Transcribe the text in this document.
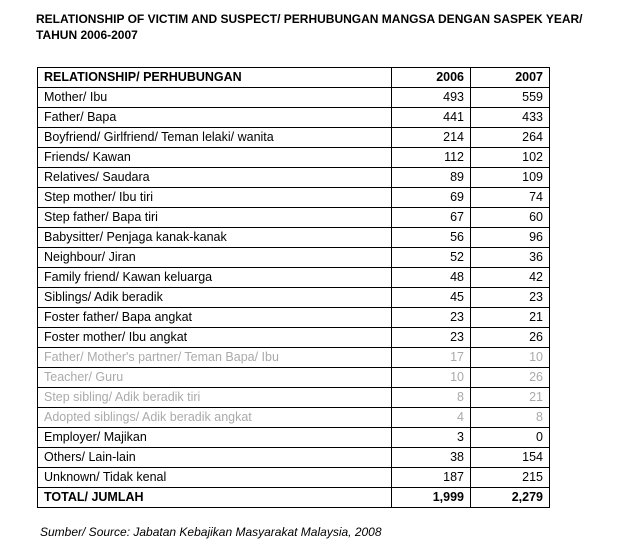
RELATIONSHIP OF VICTIM AND SUSPECT/ PERHUBUNGAN MANGSA DENGAN SASPEK YEAR/ TAHUN 2006-2007
RELATIONSHIP/ PERHUBUNGAN	2006	2007
Mother/ Ibu	493	559
Father/ Bapa	441	433
Boyfriend/ Girlfriend/ Teman lelaki/ wanita	214	264
Friends/ Kawan	112	102
Relatives/ Saudara	89	109
Step mother/ Ibu tiri	69	74
Step father/ Bapa tiri	67	60
Babysitter/ Penjaga kanak-kanak	56	96
Neighbour/ Jiran	52	36
Family friend/ Kawan keluarga	48	42
Siblings/ Adik beradik	45	23
Foster father/ Bapa angkat	23	21
Foster mother/ Ibu angkat	23	26
Father/ Mother's partner/ Teman Bapa/ Ibu	17	10
Teacher/ Guru	10	26
Step sibling/ Adik beradik tiri	8	21
Adopted siblings/ Adik beradik angkat	4	8
Employer/ Majikan	3	0
Others/ Lain-lain	38	154
Unknown/ Tidak kenal	187	215
TOTAL/ JUMLAH	1,999	2,279

Sumber/ Source: Jabatan Kebajikan Masyarakat Malaysia, 2008
